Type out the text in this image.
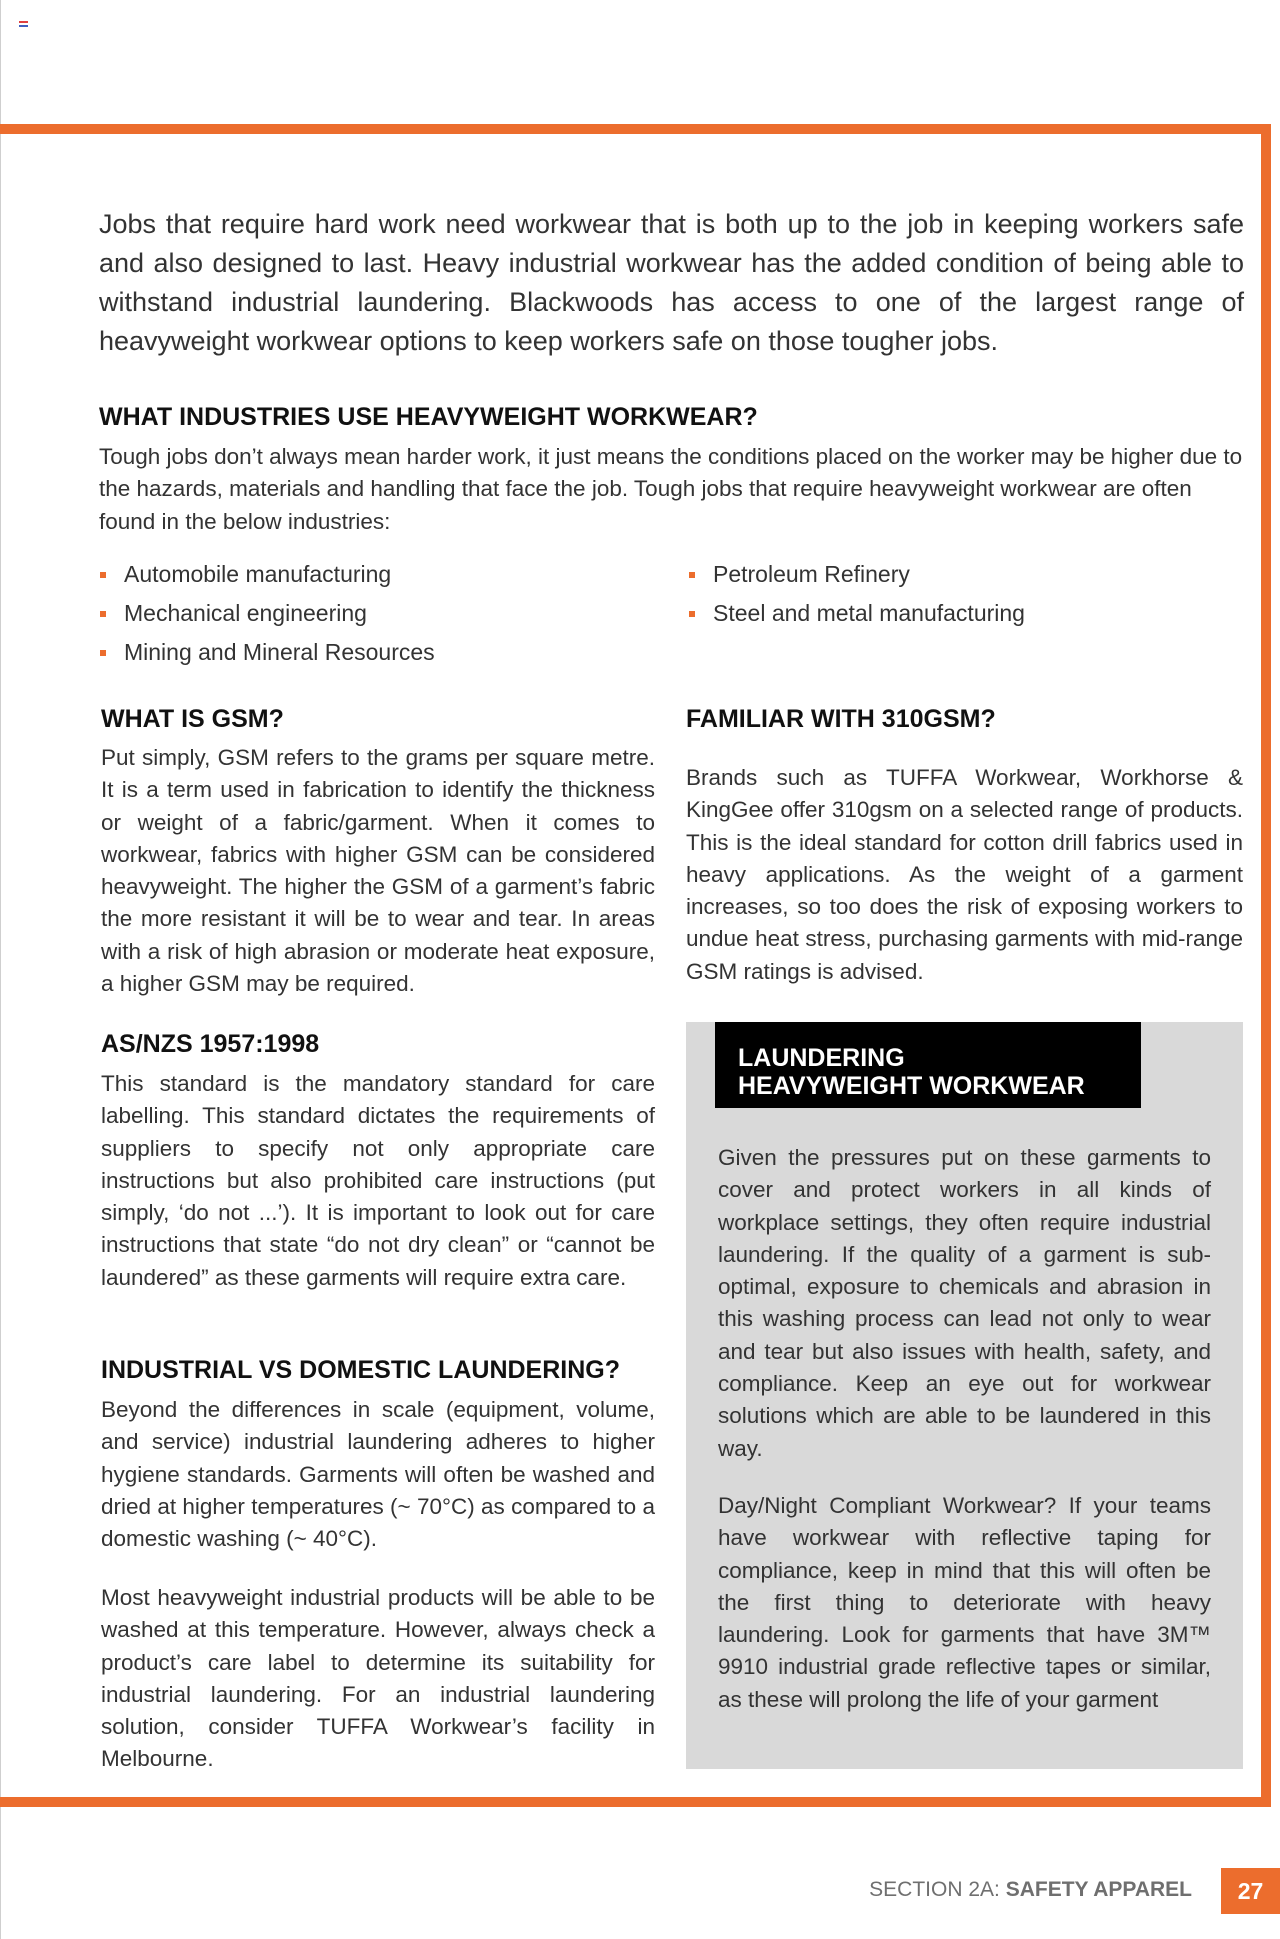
Jobs that require hard work need workwear that is both up to the job in keeping workers safe and also designed to last. Heavy industrial workwear has the added condition of being able to withstand industrial laundering. Blackwoods has access to one of the largest range of heavyweight workwear options to keep workers safe on those tougher jobs.

WHAT INDUSTRIES USE HEAVYWEIGHT WORKWEAR?

Tough jobs don’t always mean harder work, it just means the conditions placed on the worker may be higher due to the hazards, materials and handling that face the job. Tough jobs that require heavyweight workwear are often found in the below industries:

Automobile manufacturing
Mechanical engineering
Mining and Mineral Resources
Petroleum Refinery
Steel and metal manufacturing
WHAT IS GSM?

Put simply, GSM refers to the grams per square metre. It is a term used in fabrication to identify the thickness or weight of a fabric/garment. When it comes to workwear, fabrics with higher GSM can be considered heavyweight. The higher the GSM of a garment’s fabric the more resistant it will be to wear and tear. In areas with a risk of high abrasion or moderate heat exposure, a higher GSM may be required.

FAMILIAR WITH 310GSM?

Brands such as TUFFA Workwear, Workhorse & KingGee offer 310gsm on a selected range of products. This is the ideal standard for cotton drill fabrics used in heavy applications. As the weight of a garment increases, so too does the risk of exposing workers to undue heat stress, purchasing garments with mid-range GSM ratings is advised.

AS/NZS 1957:1998

This standard is the mandatory standard for care labelling. This standard dictates the requirements of suppliers to specify not only appropriate care instructions but also prohibited care instructions (put simply, ‘do not ...’). It is important to look out for care instructions that state “do not dry clean” or “cannot be laundered” as these garments will require extra care.

INDUSTRIAL VS DOMESTIC LAUNDERING?

Beyond the differences in scale (equipment, volume, and service) industrial laundering adheres to higher hygiene standards. Garments will often be washed and dried at higher temperatures (~ 70°C) as compared to a domestic washing (~ 40°C).

Most heavyweight industrial products will be able to be washed at this temperature. However, always check a product’s care label to determine its suitability for industrial laundering. For an industrial laundering solution, consider TUFFA Workwear’s facility in Melbourne.

LAUNDERING
HEAVYWEIGHT WORKWEAR

Given the pressures put on these garments to cover and protect workers in all kinds of workplace settings, they often require industrial laundering. If the quality of a garment is sub-optimal, exposure to chemicals and abrasion in this washing process can lead not only to wear and tear but also issues with health, safety, and compliance. Keep an eye out for workwear solutions which are able to be laundered in this way.

Day/Night Compliant Workwear? If your teams have workwear with reflective taping for compliance, keep in mind that this will often be the first thing to deteriorate with heavy laundering. Look for garments that have 3M™ 9910 industrial grade reflective tapes or similar, as these will prolong the life of your garment

SECTION 2A: SAFETY APPAREL	27
